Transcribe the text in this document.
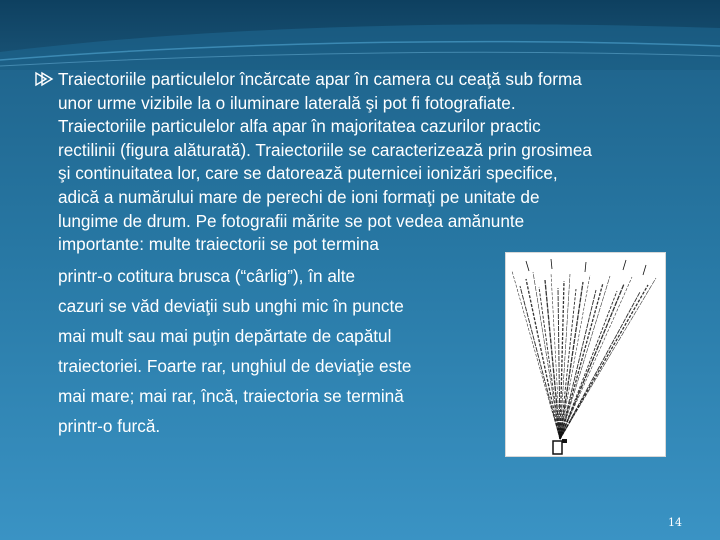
Traiectoriile particulelor încărcate apar în camera cu ceaţă sub forma
unor urme vizibile la o iluminare laterală şi pot fi fotografiate.
Traiectoriile particulelor alfa apar în majoritatea cazurilor practic
rectilinii (figura alăturată). Traiectoriile se caracterizează prin grosimea
şi continuitatea lor, care se datorează puternicei ionizări specifice,
adică a numărului mare de perechi de ioni formaţi pe unitate de
lungime de drum. Pe fotografii mărite se pot vedea amănunte
importante: multe traiectorii se pot termina
printr-o cotitura brusca (“cârlig”), în alte
cazuri se văd deviaţii sub unghi mic în puncte
mai mult sau mai puţin depărtate de capătul
traiectoriei. Foarte rar, unghiul de deviaţie este
mai mare; mai rar, încă, traiectoria se termină
printr-o furcă.
14
